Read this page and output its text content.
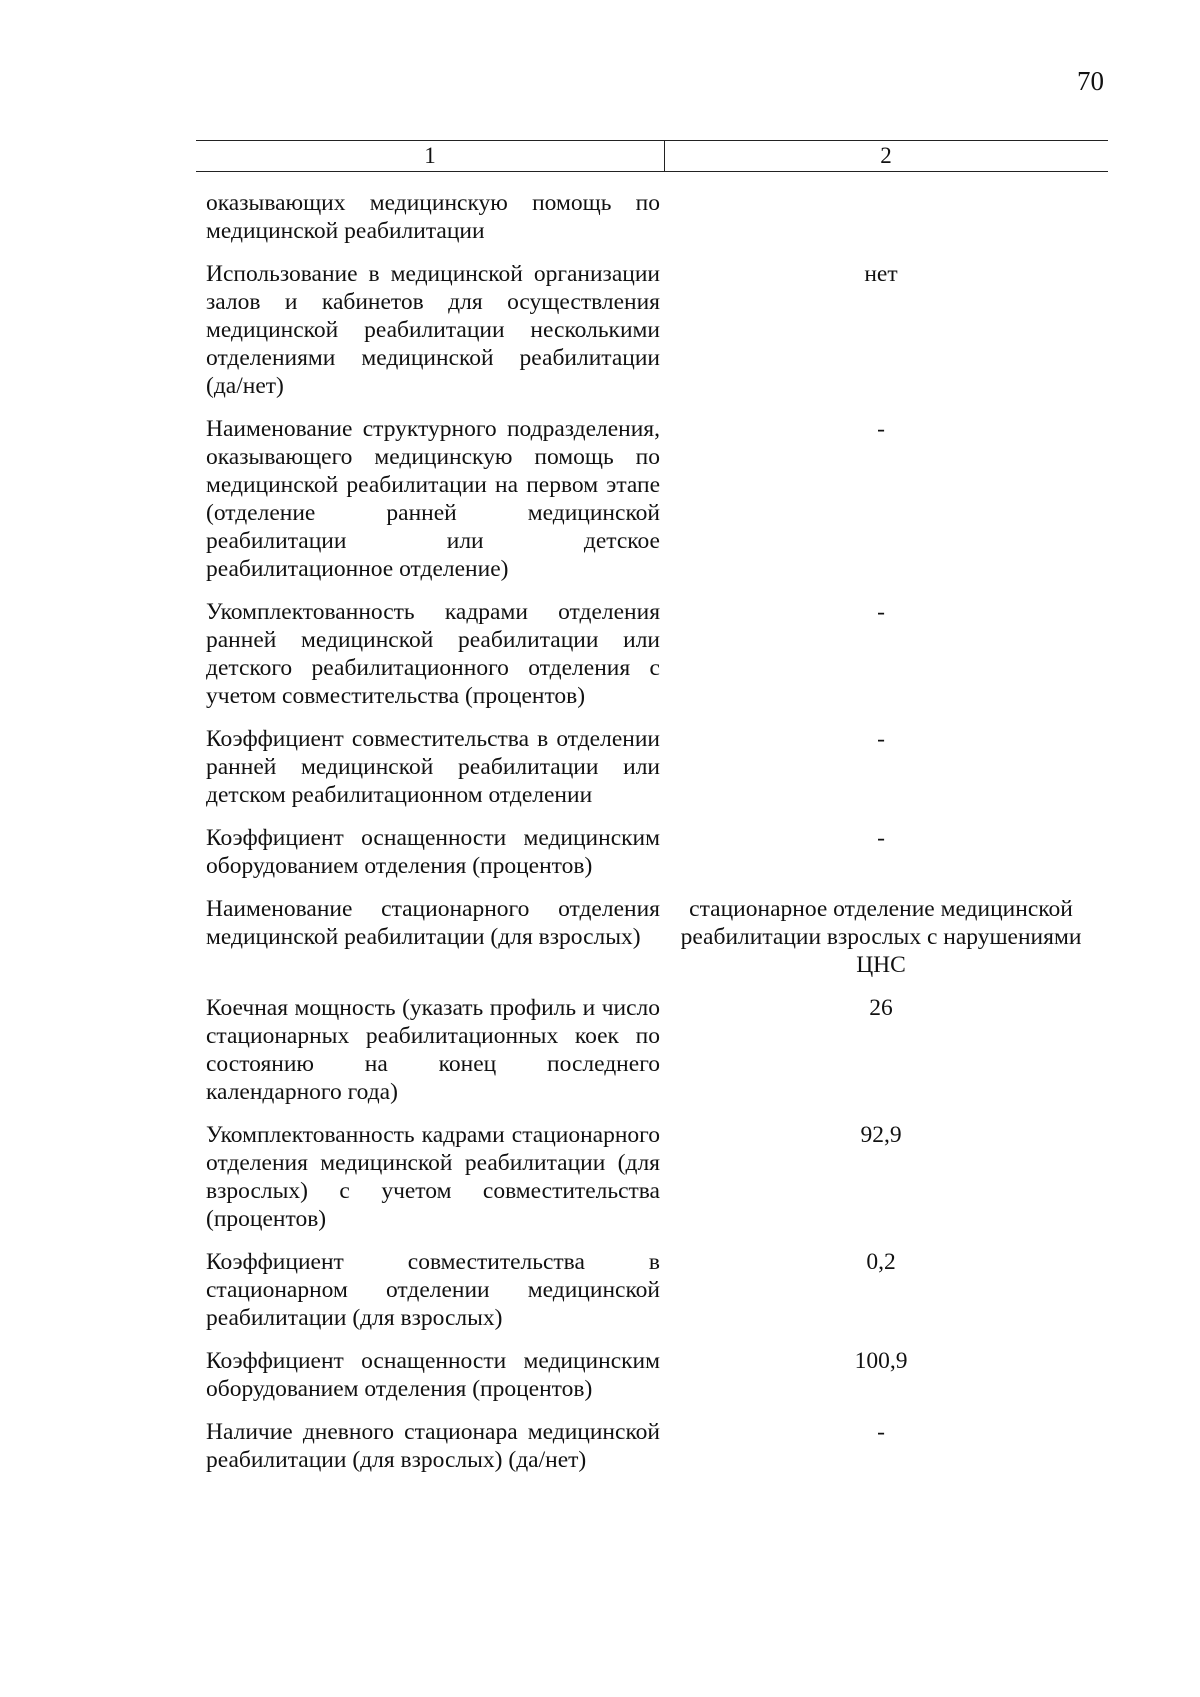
70
1	2
оказывающих медицинскую помощь по медицинской реабилитации
Использование в медицинской организации залов и кабинетов для осуществления медицинской реабилитации несколькими отделениями медицинской реабилитации (да/нет)
нет
Наименование структурного подразделения, оказывающего медицинскую помощь по медицинской реабилитации на первом этапе (отделение ранней медицинской реабилитации или детское реабилитационное отделение)
-
Укомплектованность кадрами отделения ранней медицинской реабилитации или детского реабилитационного отделения с учетом совместительства (процентов)
-
Коэффициент совместительства в отделении ранней медицинской реабилитации или детском реабилитационном отделении
-
Коэффициент оснащенности медицинским оборудованием отделения (процентов)
-
Наименование стационарного отделения медицинской реабилитации (для взрослых)
стационарное отделение медицинской реабилитации взрослых с нарушениями ЦНС
Коечная мощность (указать профиль и число стационарных реабилитационных коек по состоянию на конец последнего календарного года)
26
Укомплектованность кадрами стационарного отделения медицинской реабилитации (для взрослых) с учетом совместительства (процентов)
92,9
Коэффициент совместительства в стационарном отделении медицинской реабилитации (для взрослых)
0,2
Коэффициент оснащенности медицинским оборудованием отделения (процентов)
100,9
Наличие дневного стационара медицинской реабилитации (для взрослых) (да/нет)
-
